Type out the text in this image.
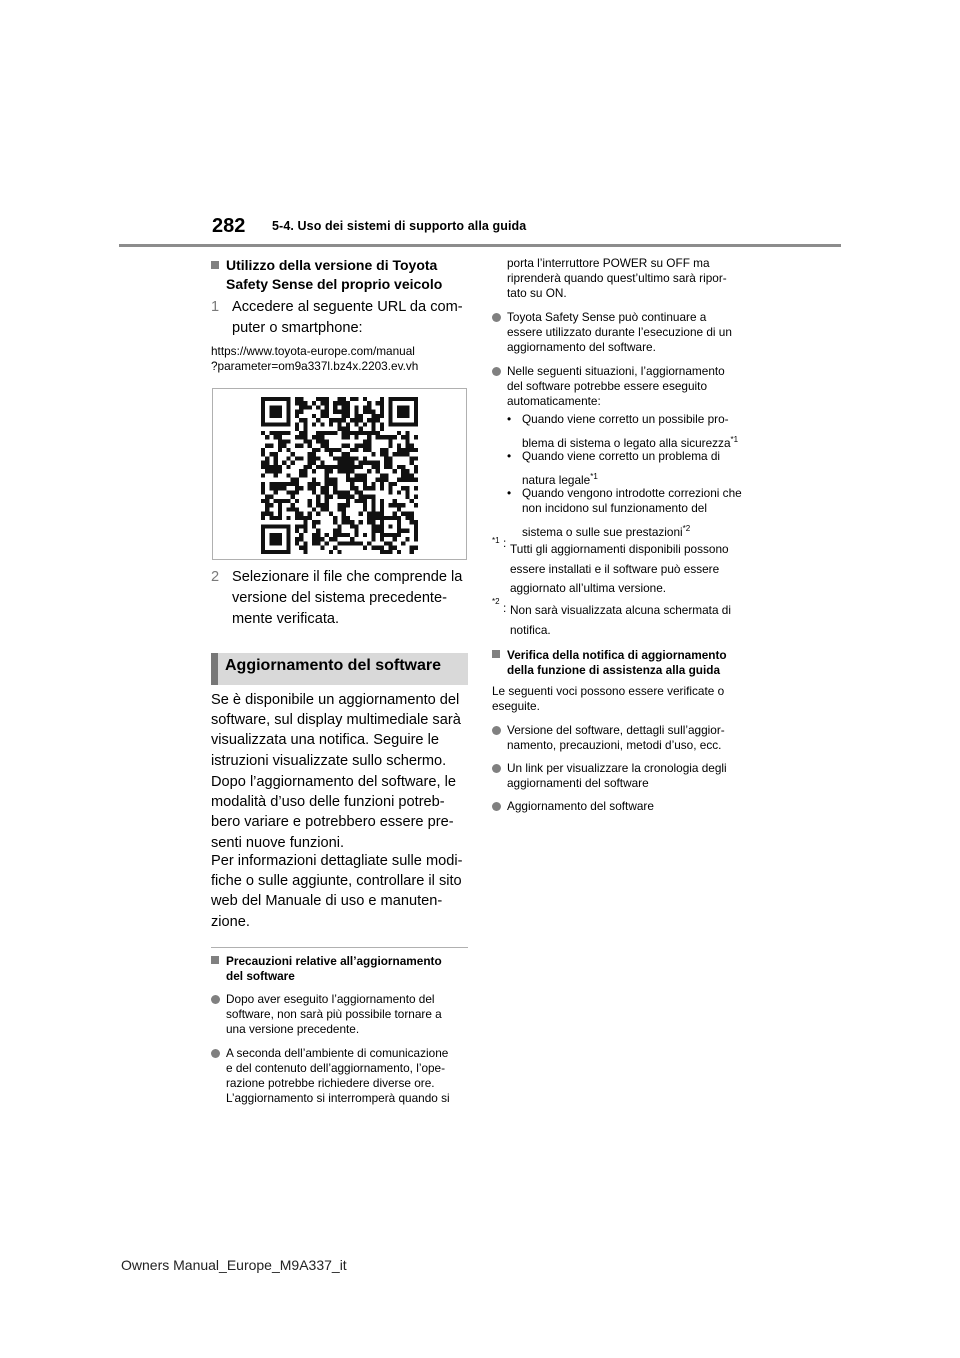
282 5-4. Uso dei sistemi di supporto alla guida
Utilizzo della versione di Toyota
Safety Sense del proprio veicolo
1 Accedere al seguente URL da com-
puter o smartphone:
https://www.toyota-europe.com/manual
?parameter=om9a337l.bz4x.2203.ev.vh
2 Selezionare il file che comprende la
versione del sistema precedente-
mente verificata.
Aggiornamento del software
Se è disponibile un aggiornamento del
software, sul display multimediale sarà
visualizzata una notifica. Seguire le
istruzioni visualizzate sullo schermo.
Dopo l’aggiornamento del software, le
modalità d’uso delle funzioni potreb-
bero variare e potrebbero essere pre-
senti nuove funzioni.
Per informazioni dettagliate sulle modi-
fiche o sulle aggiunte, controllare il sito
web del Manuale di uso e manuten-
zione.
Precauzioni relative all’aggiornamento
del software
Dopo aver eseguito l’aggiornamento del
software, non sarà più possibile tornare a
una versione precedente.
A seconda dell’ambiente di comunicazione
e del contenuto dell’aggiornamento, l’ope-
razione potrebbe richiedere diverse ore.
L’aggiornamento si interromperà quando si
porta l’interruttore POWER su OFF ma
riprenderà quando quest’ultimo sarà ripor-
tato su ON.
Toyota Safety Sense può continuare a
essere utilizzato durante l’esecuzione di un
aggiornamento del software.
Nelle seguenti situazioni, l’aggiornamento
del software potrebbe essere eseguito
automaticamente:
• Quando viene corretto un possibile pro-
blema di sistema o legato alla sicurezza$^{*1}$
• Quando viene corretto un problema di
natura legale$^{*1}$
• Quando vengono introdotte correzioni che
non incidono sul funzionamento del
sistema o sulle sue prestazioni$^{*2}$
*1 : Tutti gli aggiornamenti disponibili possono
essere installati e il software può essere
aggiornato all’ultima versione.
*2 : Non sarà visualizzata alcuna schermata di
notifica.
Verifica della notifica di aggiornamento
della funzione di assistenza alla guida
Le seguenti voci possono essere verificate o
eseguite.
Versione del software, dettagli sull’aggior-
namento, precauzioni, metodi d’uso, ecc.
Un link per visualizzare la cronologia degli
aggiornamenti del software
Aggiornamento del software
Owners Manual_Europe_M9A337_it
